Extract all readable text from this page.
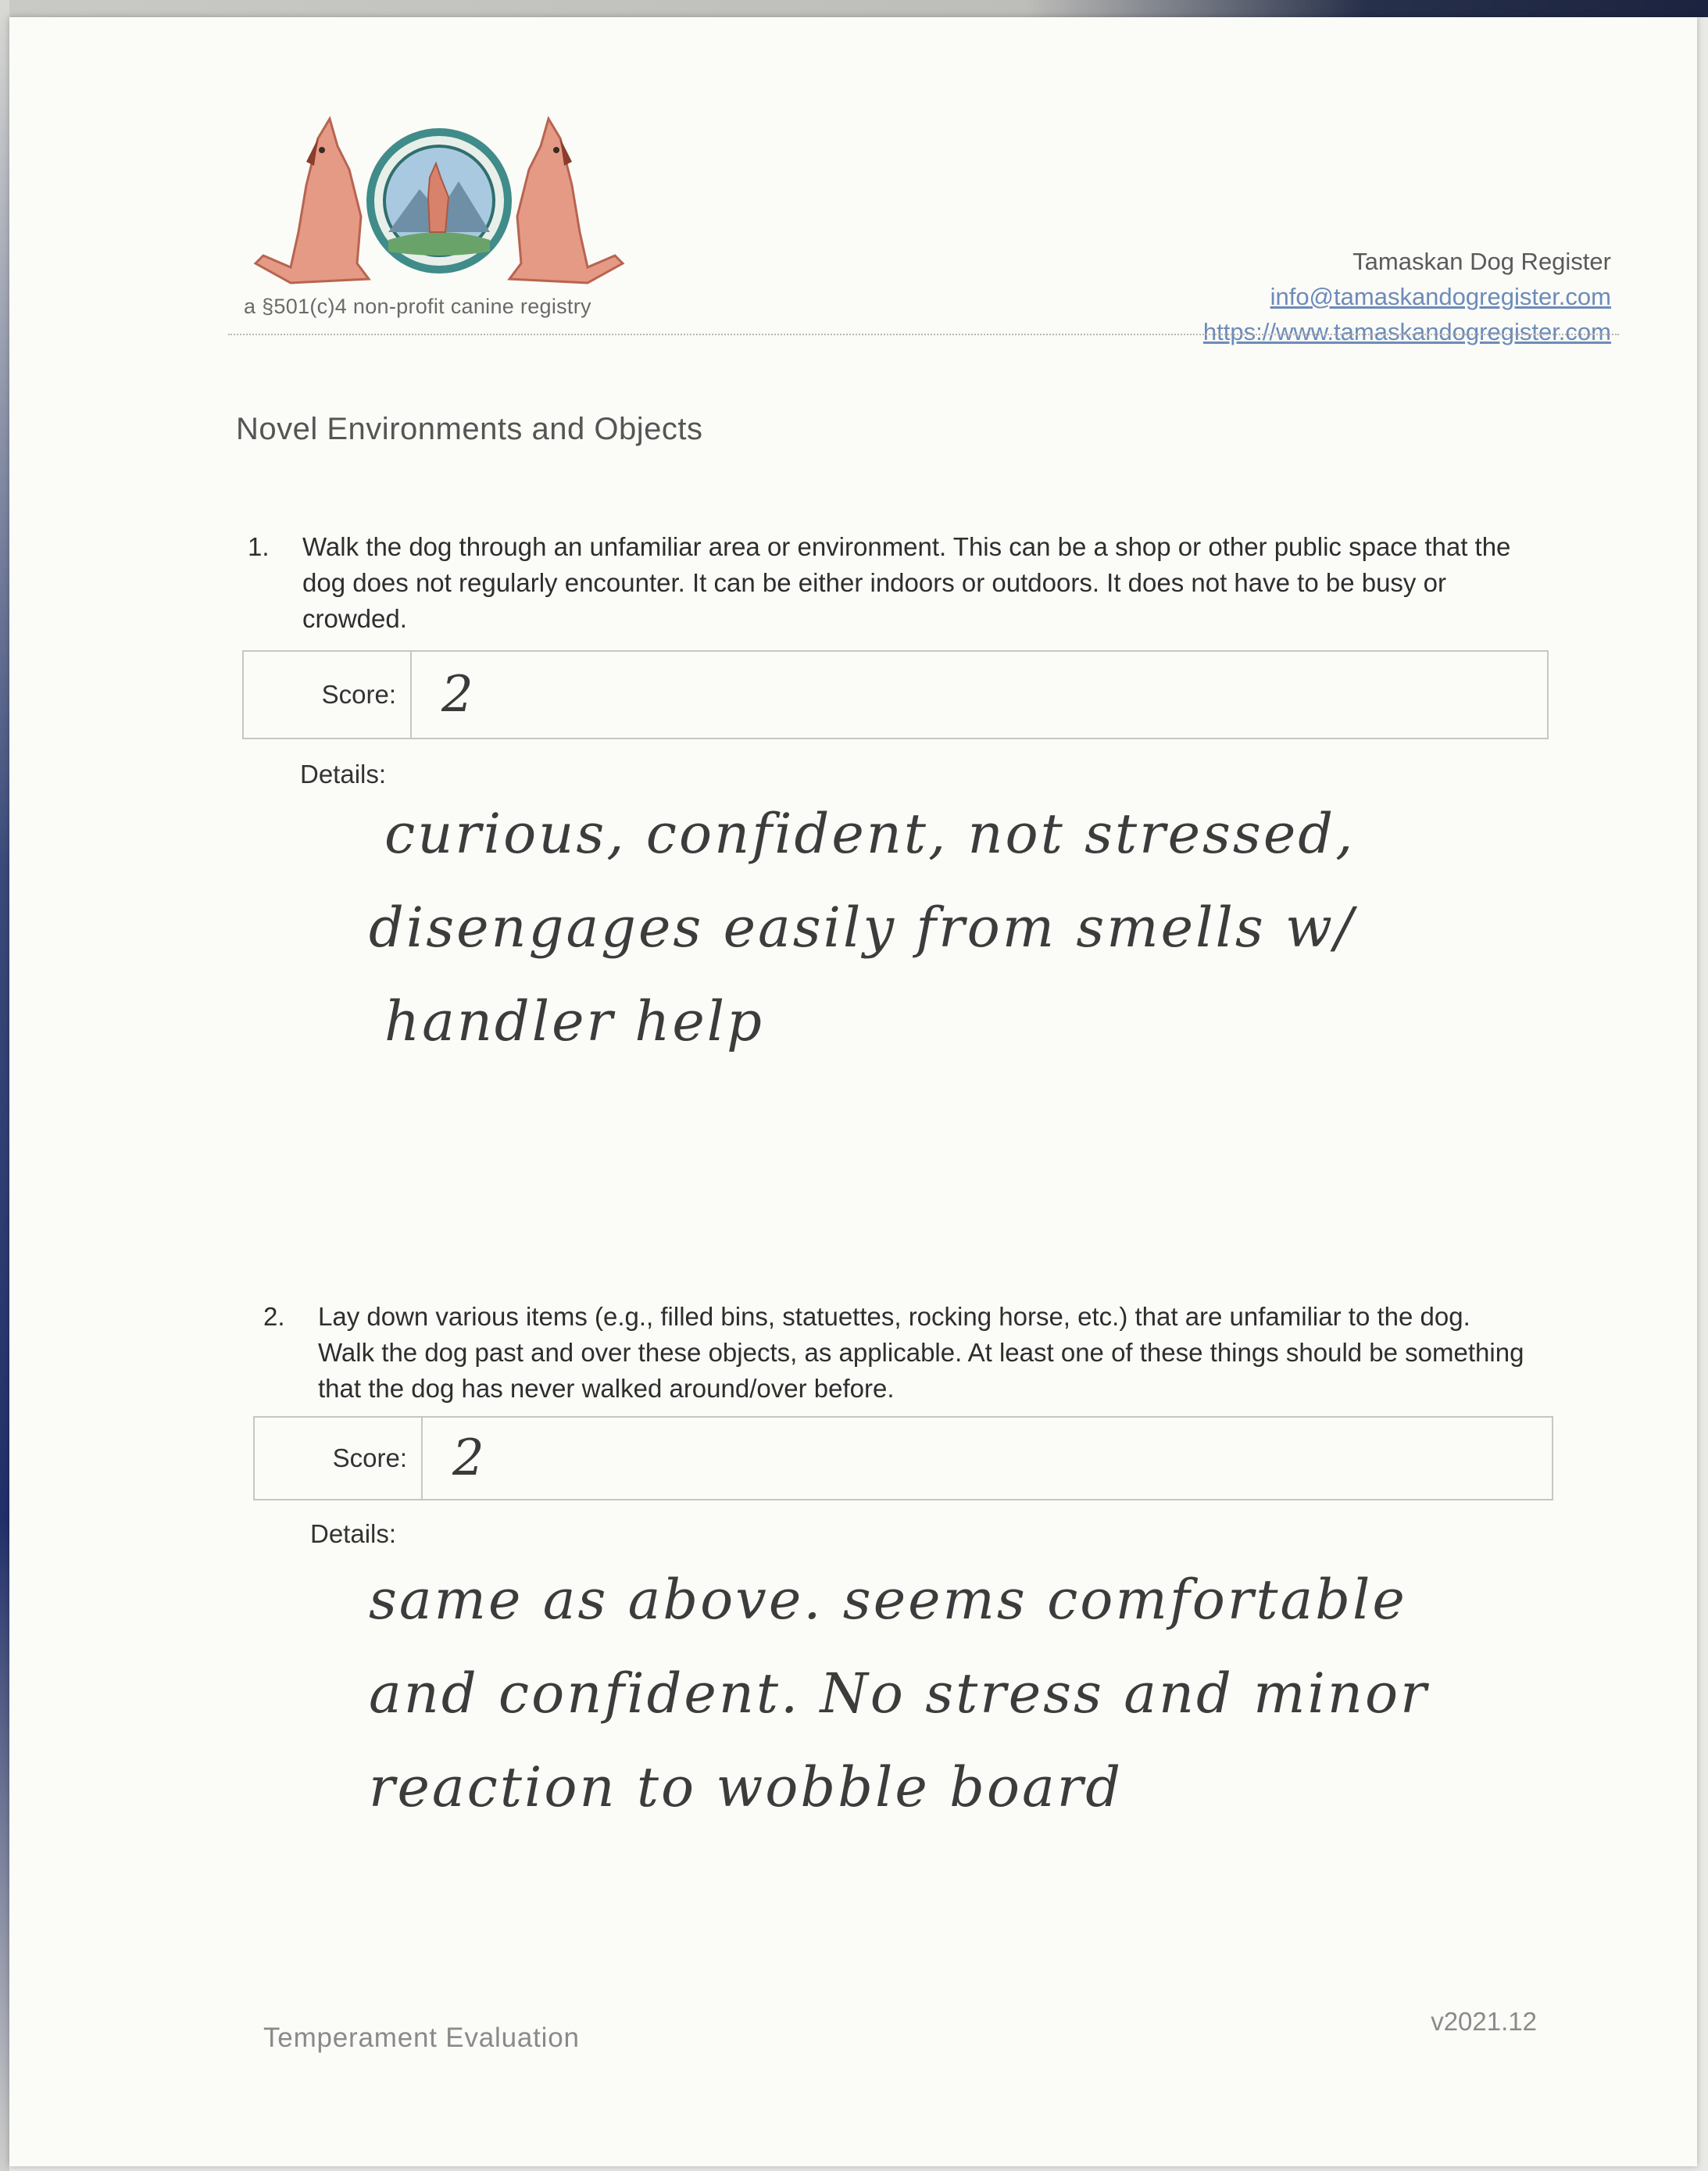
a §501(c)4 non-profit canine registry
Tamaskan Dog Register
info@tamaskandogregister.com
https://www.tamaskandogregister.com
Novel Environments and Objects
1.	Walk the dog through an unfamiliar area or environment. This can be a shop or other public space that the dog does not regularly encounter. It can be either indoors or outdoors. It does not have to be busy or crowded.
Score: 2
Details:
curious, confident, not stressed,
disengages easily from smells w/
handler help
2.	Lay down various items (e.g., filled bins, statuettes, rocking horse, etc.) that are unfamiliar to the dog. Walk the dog past and over these objects, as applicable. At least one of these things should be something that the dog has never walked around/over before.
Score: 2
Details:
same as above. seems comfortable
and confident. No stress and minor
reaction to wobble board
Temperament Evaluation
v2021.12
